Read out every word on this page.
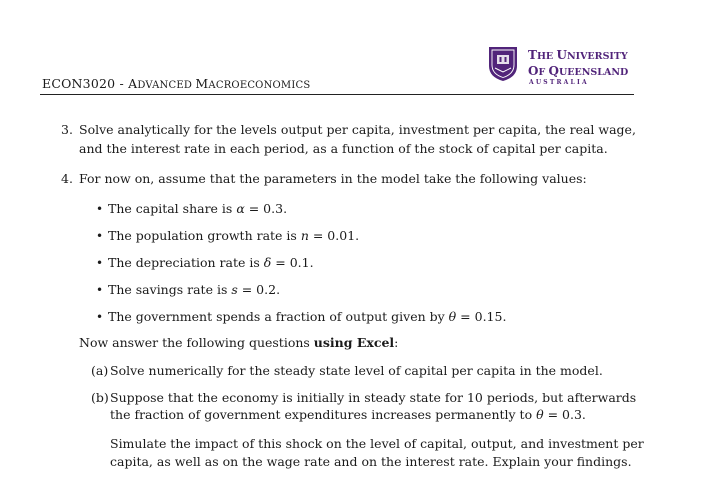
ECON3020 - ADVANCED MACROECONOMICS
THE UNIVERSITY
OF QUEENSLAND
AUSTRALIA
3. Solve analytically for the levels output per capita, investment per capita, the real wage,
and the interest rate in each period, as a function of the stock of capital per capita.
4. For now on, assume that the parameters in the model take the following values:
• The capital share is α = 0.3.
• The population growth rate is n = 0.01.
• The depreciation rate is δ = 0.1.
• The savings rate is s = 0.2.
• The government spends a fraction of output given by θ = 0.15.
Now answer the following questions using Excel:
(a) Solve numerically for the steady state level of capital per capita in the model.
(b) Suppose that the economy is initially in steady state for 10 periods, but afterwards
the fraction of government expenditures increases permanently to θ = 0.3.
Simulate the impact of this shock on the level of capital, output, and investment per
capita, as well as on the wage rate and on the interest rate. Explain your findings.
